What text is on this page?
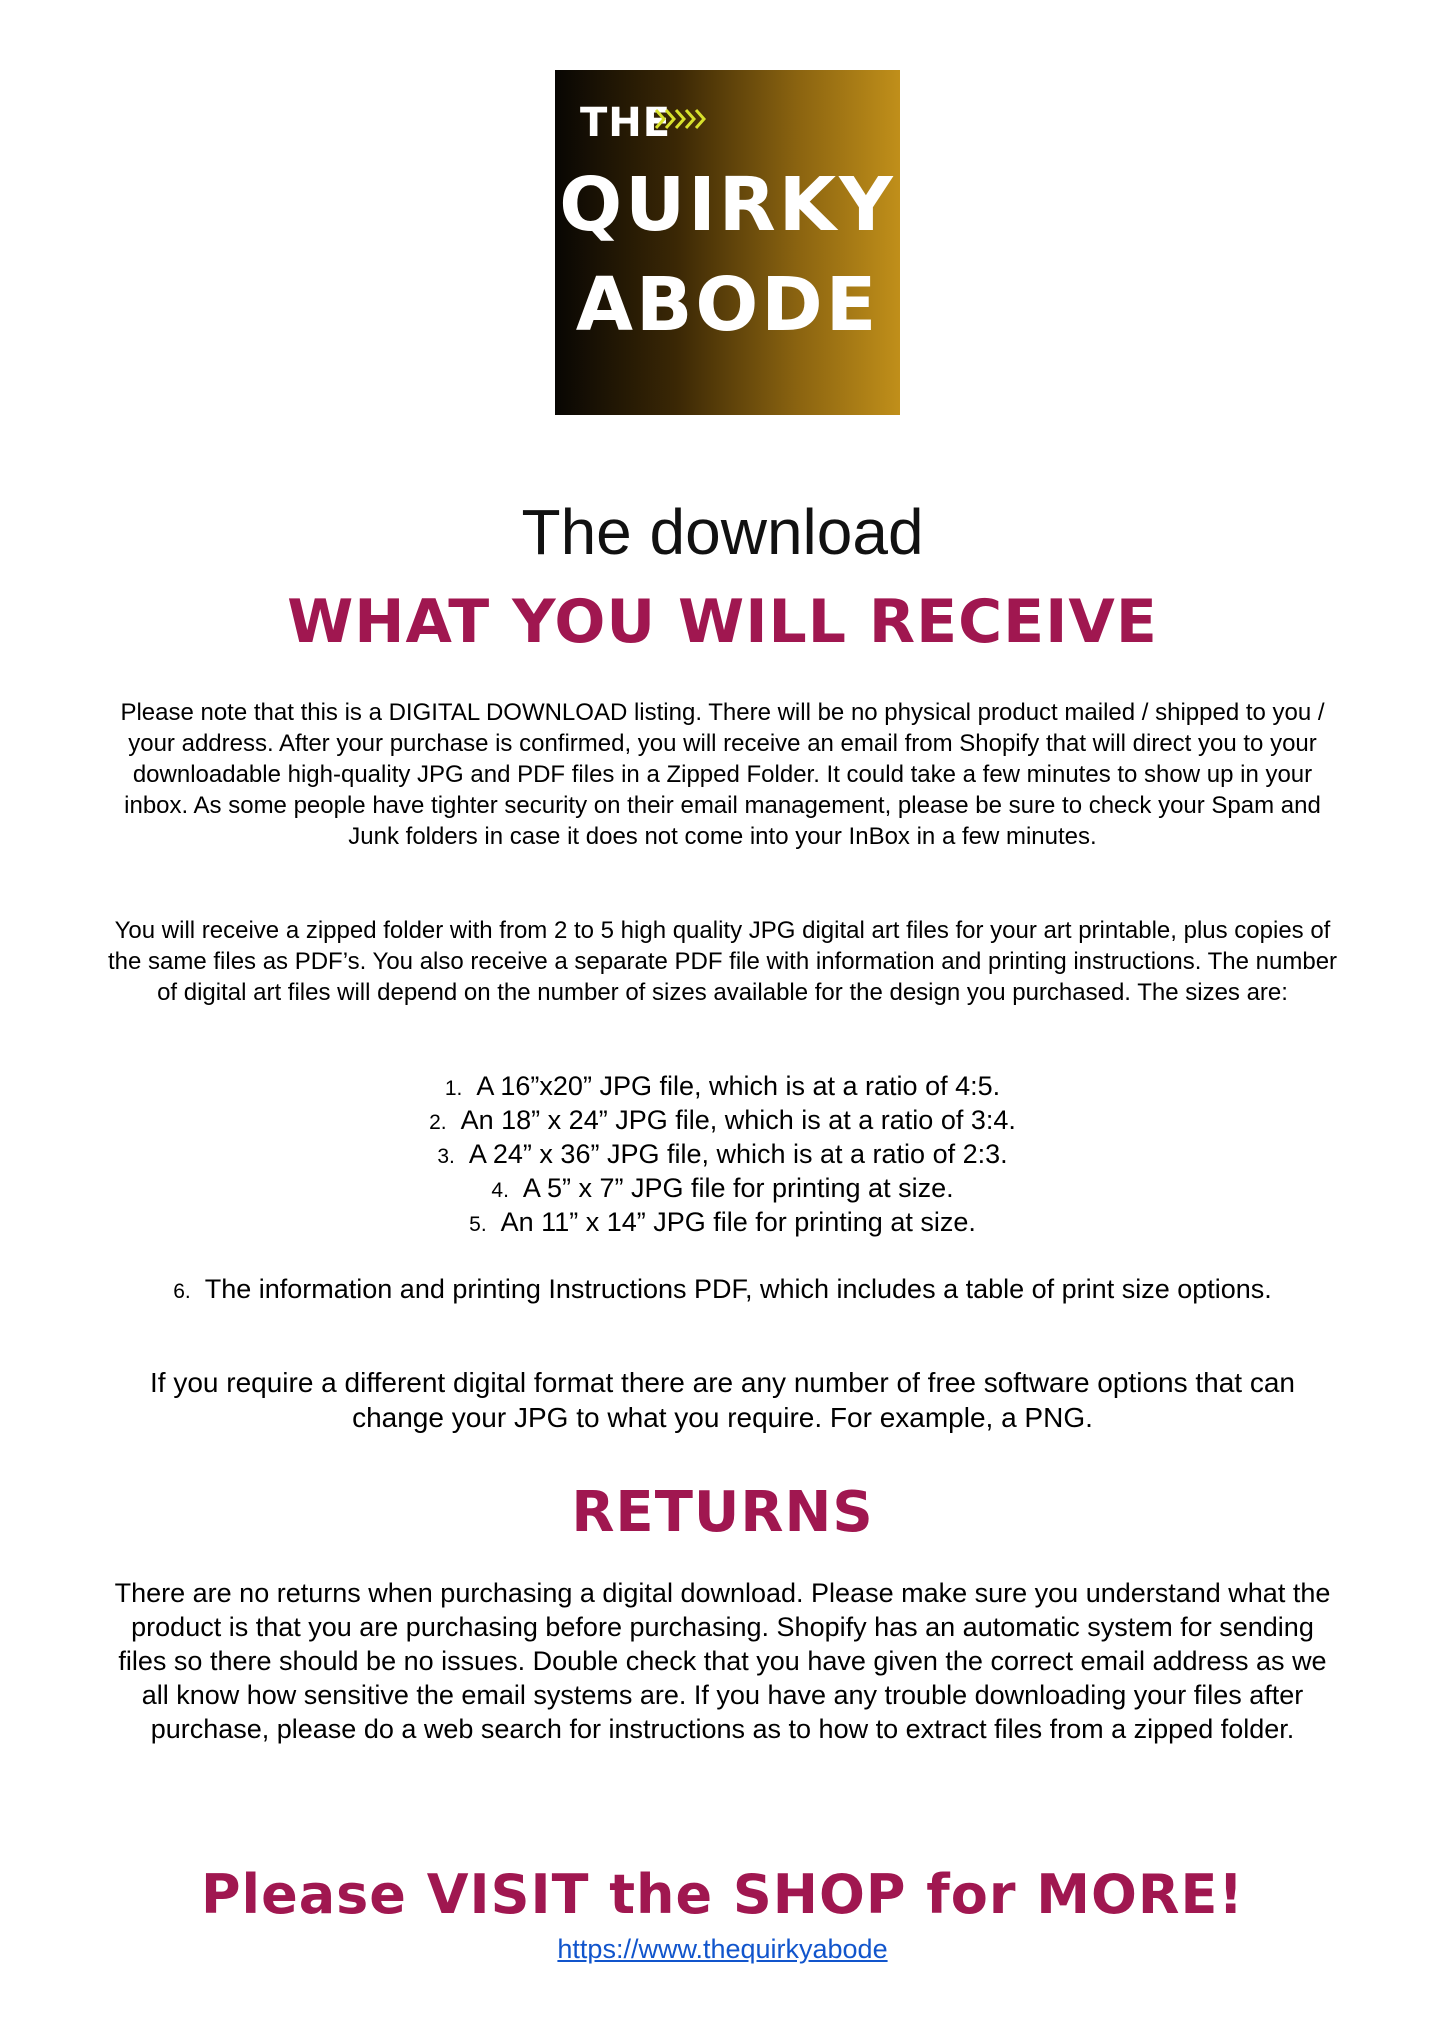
THE
QUIRKY
ABODE
The download
WHAT YOU WILL RECEIVE
Please note that this is a DIGITAL DOWNLOAD listing. There will be no physical product mailed / shipped to you / your address. After your purchase is confirmed, you will receive an email from Shopify that will direct you to your downloadable high-quality JPG and PDF files in a Zipped Folder. It could take a few minutes to show up in your inbox. As some people have tighter security on their email management, please be sure to check your Spam and Junk folders in case it does not come into your InBox in a few minutes.
You will receive a zipped folder with from 2 to 5 high quality JPG digital art files for your art printable, plus copies of the same files as PDF’s. You also receive a separate PDF file with information and printing instructions. The number of digital art files will depend on the number of sizes available for the design you purchased. The sizes are:
1. A 16”x20” JPG file, which is at a ratio of 4:5.
2. An 18” x 24” JPG file, which is at a ratio of 3:4.
3. A 24” x 36” JPG file, which is at a ratio of 2:3.
4. A 5” x 7” JPG file for printing at size.
5. An 11” x 14” JPG file for printing at size.
6. The information and printing Instructions PDF, which includes a table of print size options.
If you require a different digital format there are any number of free software options that can change your JPG to what you require. For example, a PNG.
RETURNS
There are no returns when purchasing a digital download. Please make sure you understand what the product is that you are purchasing before purchasing. Shopify has an automatic system for sending files so there should be no issues. Double check that you have given the correct email address as we all know how sensitive the email systems are. If you have any trouble downloading your files after purchase, please do a web search for instructions as to how to extract files from a zipped folder.
Please VISIT the SHOP for MORE!
https://www.thequirkyabode
